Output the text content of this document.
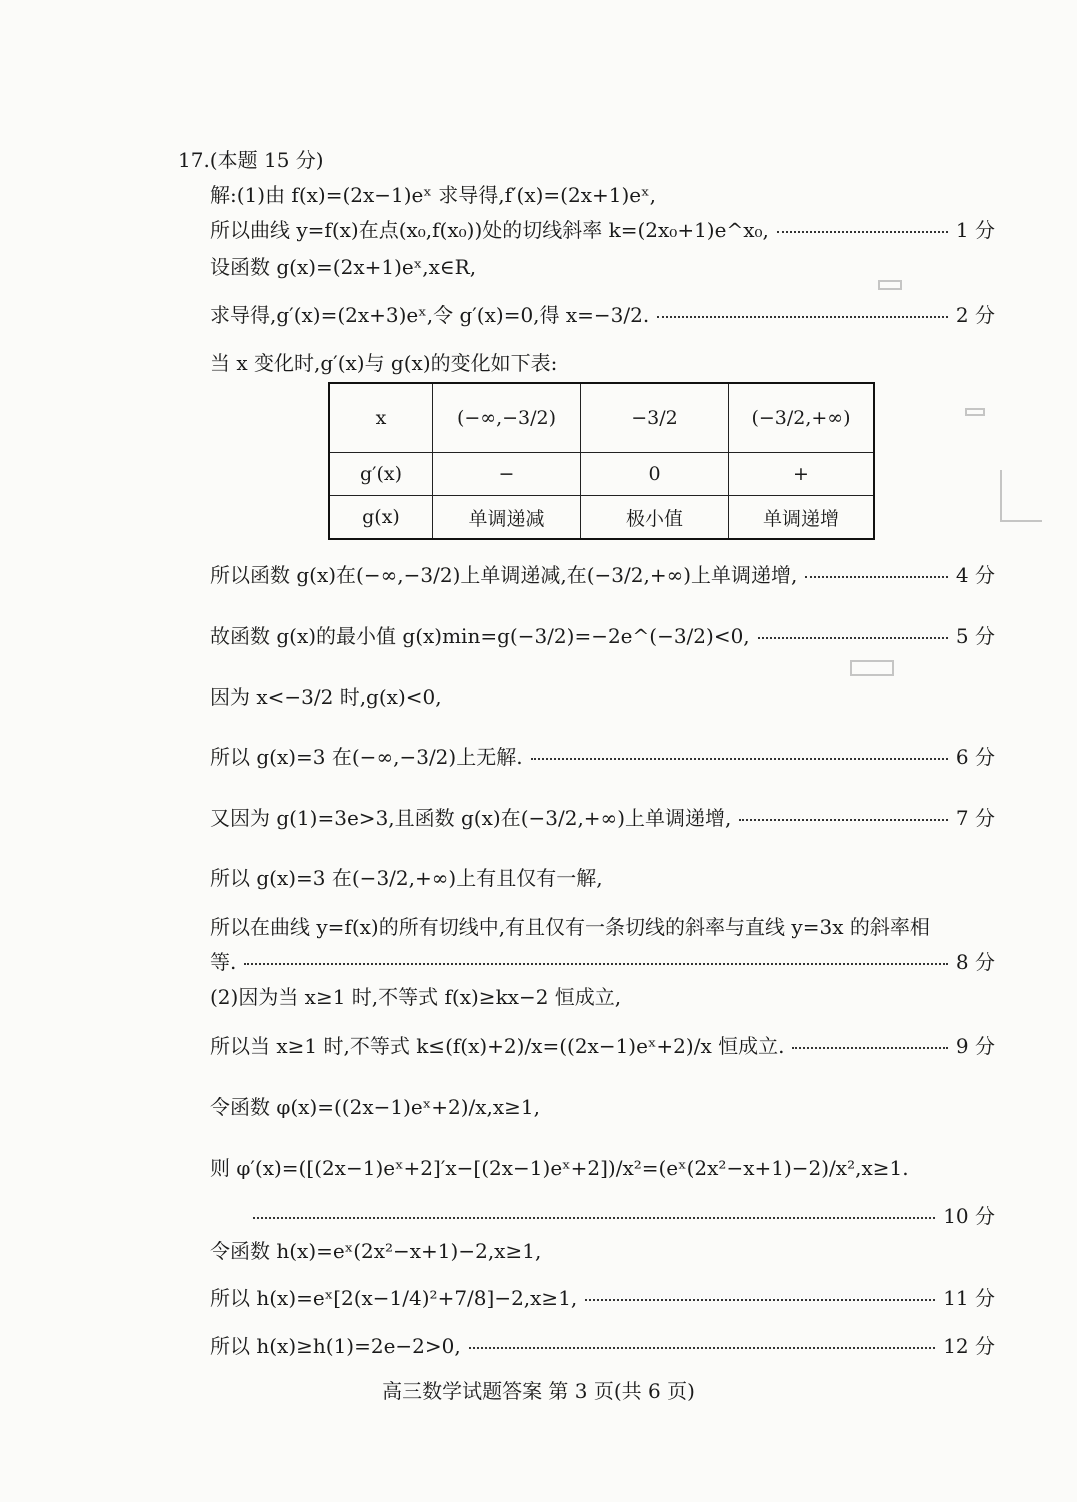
17.(本题 15 分)
解:(1)由 f(x)=(2x−1)eˣ 求导得,f′(x)=(2x+1)eˣ,
所以曲线 y=f(x)在点(x₀,f(x₀))处的切线斜率 k=(2x₀+1)e^x₀,	1 分
设函数 g(x)=(2x+1)eˣ,x∈R,
求导得,g′(x)=(2x+3)eˣ,令 g′(x)=0,得 x=−3/2.	2 分
当 x 变化时,g′(x)与 g(x)的变化如下表:
x	(−∞,−3/2)	−3/2	(−3/2,+∞)
g′(x)	−	0	+
g(x)	单调递减	极小值	单调递增
所以函数 g(x)在(−∞,−3/2)上单调递减,在(−3/2,+∞)上单调递增,	4 分
故函数 g(x)的最小值 g(x)min=g(−3/2)=−2e^(−3/2)<0,	5 分
因为 x<−3/2 时,g(x)<0,
所以 g(x)=3 在(−∞,−3/2)上无解.	6 分
又因为 g(1)=3e>3,且函数 g(x)在(−3/2,+∞)上单调递增,	7 分
所以 g(x)=3 在(−3/2,+∞)上有且仅有一解,
所以在曲线 y=f(x)的所有切线中,有且仅有一条切线的斜率与直线 y=3x 的斜率相
等.	8 分
(2)因为当 x≥1 时,不等式 f(x)≥kx−2 恒成立,
所以当 x≥1 时,不等式 k≤(f(x)+2)/x=((2x−1)eˣ+2)/x 恒成立.	9 分
令函数 φ(x)=((2x−1)eˣ+2)/x,x≥1,
则 φ′(x)=([(2x−1)eˣ+2]′x−[(2x−1)eˣ+2])/x²=(eˣ(2x²−x+1)−2)/x²,x≥1.
10 分
令函数 h(x)=eˣ(2x²−x+1)−2,x≥1,
所以 h(x)=eˣ[2(x−1/4)²+7/8]−2,x≥1,	11 分
所以 h(x)≥h(1)=2e−2>0,	12 分
高三数学试题答案 第 3 页(共 6 页)
